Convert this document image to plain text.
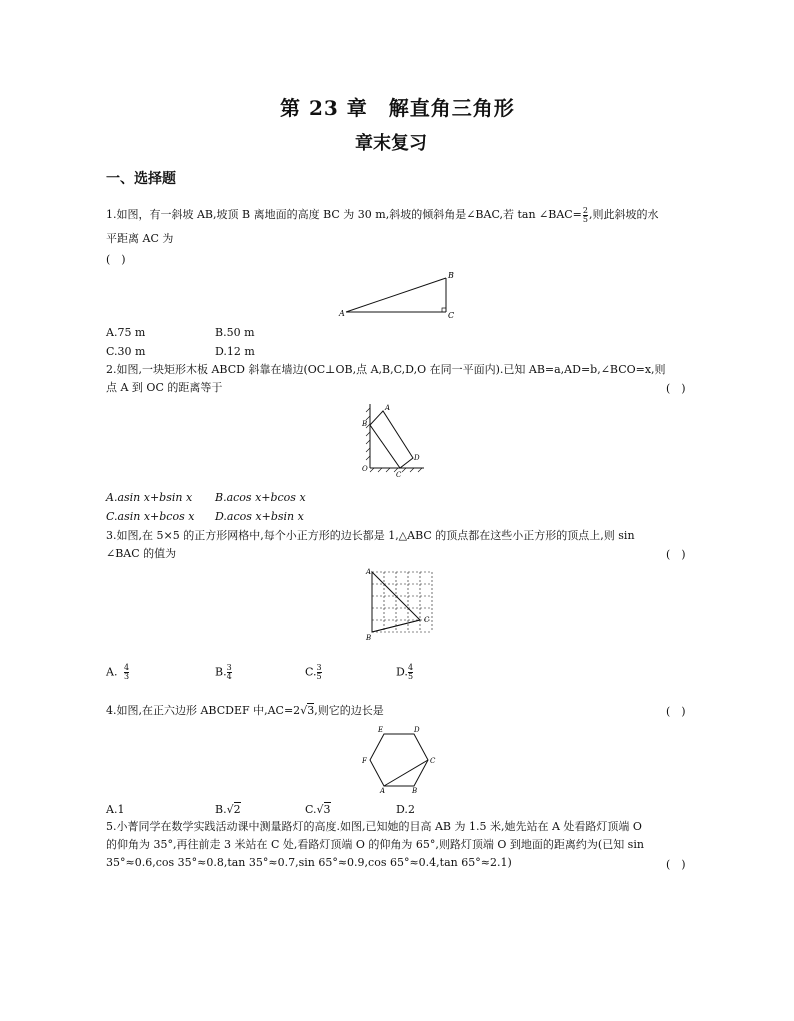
第 23 章　解直角三角形
章末复习
一、选择题
1.如图，有一斜坡 AB,坡顶 B 离地面的高度 BC 为 30 m,斜坡的倾斜角是∠BAC,若 tan ∠BAC= $\frac{2}{5}$ ,则此斜坡的水
平距离 AC 为
(　)
A
B
C
A.75 m	B.50 m
C.30 m	D.12 m
2.如图,一块矩形木板 ABCD 斜靠在墙边(OC⊥OB,点 A,B,C,D,O 在同一平面内).已知 AB=a,AD=b,∠BCO=x,则
点 A 到 OC 的距离等于	(　)
A
B
C
D
O
A.asin x+bsin x B.acos x+bcos x
C.asin x+bcos x D.acos x+bsin x
3.如图,在 5×5 的正方形网格中,每个小正方形的边长都是 1,△ABC 的顶点都在这些小正方形的顶点上,则 sin
∠BAC 的值为	(　)
A
B
C
A. $\frac{4}{3}$	B. $\frac{3}{4}$	C. $\frac{3}{5}$	D. $\frac{4}{5}$
4.如图,在正六边形 ABCDEF 中,AC=2√3,则它的边长是	(　)
A	B
C
D
E
F
A.1	B.√2	C.√3	D.2
5.小菁同学在数学实践活动课中测量路灯的高度.如图,已知她的目高 AB 为 1.5 米,她先站在 A 处看路灯顶端 O
的仰角为 35°,再往前走 3 米站在 C 处,看路灯顶端 O 的仰角为 65°,则路灯顶端 O 到地面的距离约为(已知 sin
35°≈0.6,cos 35°≈0.8,tan 35°≈0.7,sin 65°≈0.9,cos 65°≈0.4,tan 65°≈2.1)	(　)
